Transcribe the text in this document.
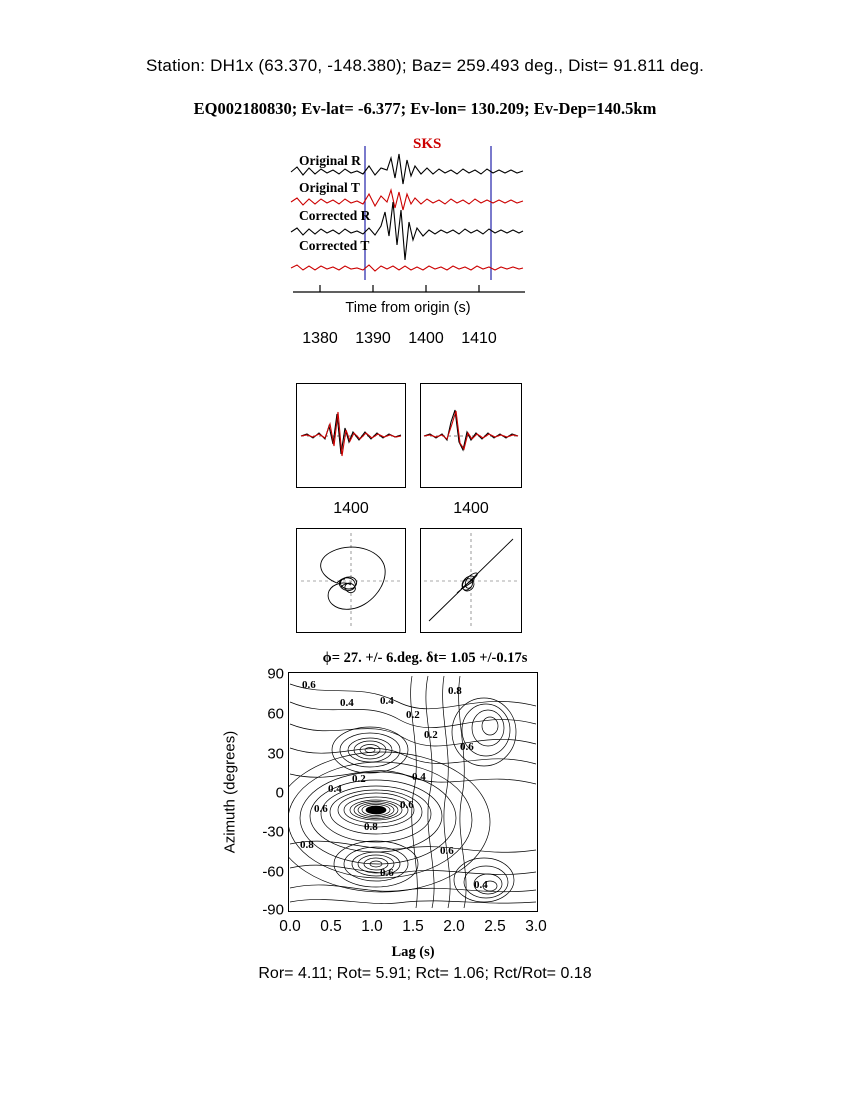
Station: DH1x (63.370, -148.380); Baz= 259.493 deg., Dist= 91.811 deg.
EQ002180830; Ev-lat= -6.377; Ev-lon= 130.209; Ev-Dep=140.5km
SKS
Original R
Original T
Corrected R
Corrected T
Time from origin (s)
1380 1390 1400 1410
1400	1400
ϕ= 27. +/- 6.deg. δt= 1.05 +/-0.17s
0.6
0.4 0.4
0.2
0.8
0.2
0.6
0.2
0.4
0.4
0.6	0.6
0.8
0.8
0.6
0.6
0.4
90
60
30
0
-30
-60
-90
0.0 0.5 1.0 1.5 2.0 2.5 3.0
Azimuth (degrees)
Lag (s)
Ror= 4.11; Rot= 5.91; Rct= 1.06; Rct/Rot= 0.18
